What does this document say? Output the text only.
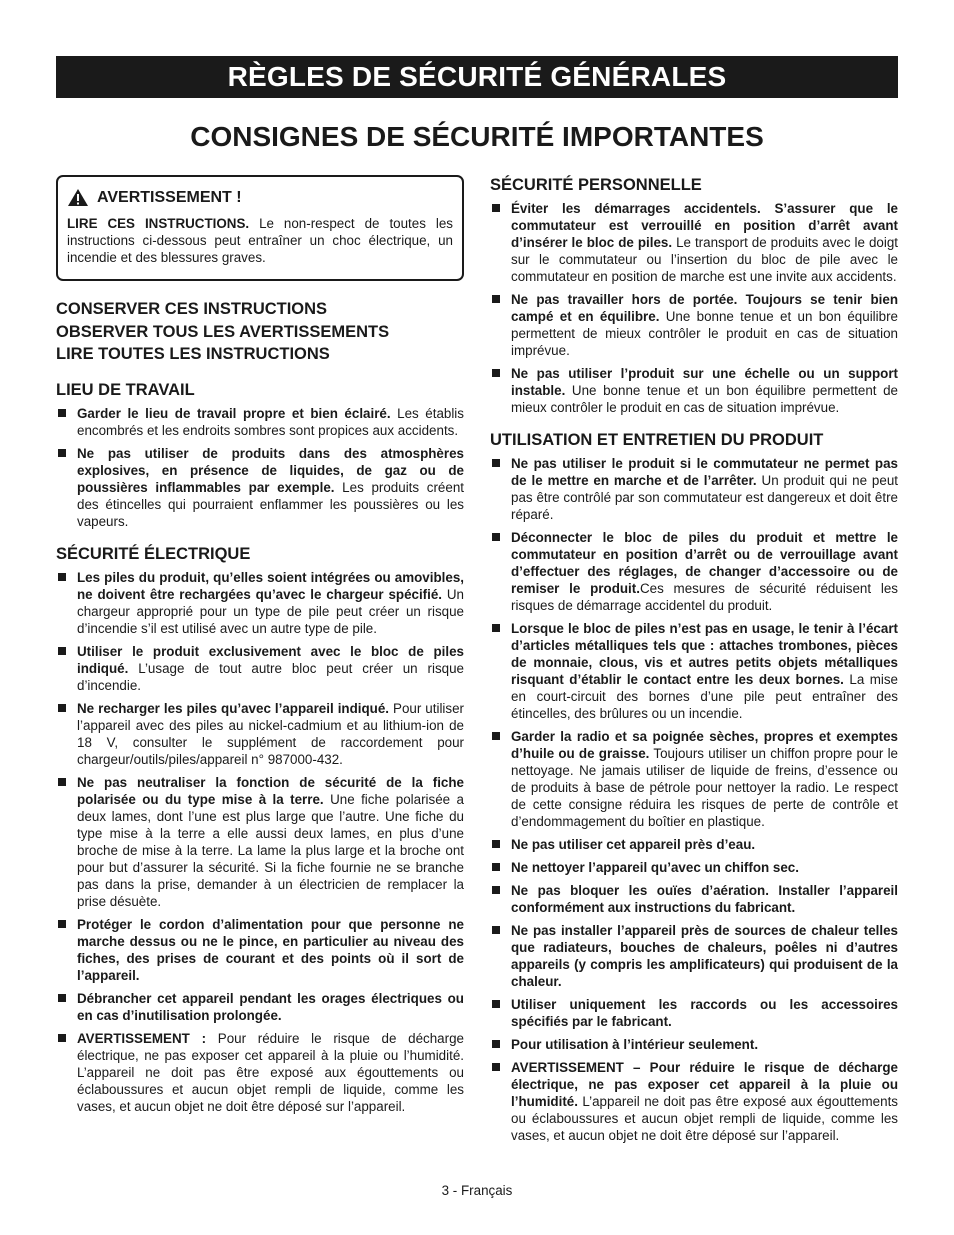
RÈGLES DE SÉCURITÉ GÉNÉRALES
CONSIGNES DE SÉCURITÉ IMPORTANTES
AVERTISSEMENT !

LIRE CES INSTRUCTIONS. Le non-respect de toutes les instructions ci-dessous peut entraîner un choc électrique, un incendie et des blessures graves.

CONSERVER CES INSTRUCTIONS
OBSERVER TOUS LES AVERTISSEMENTS
LIRE TOUTES LES INSTRUCTIONS
LIEU DE TRAVAIL
Garder le lieu de travail propre et bien éclairé. Les établis encombrés et les endroits sombres sont propices aux accidents.
Ne pas utiliser de produits dans des atmosphères explosives, en présence de liquides, de gaz ou de poussières inflammables par exemple. Les produits créent des étincelles qui pourraient enflammer les poussières ou les vapeurs.
SÉCURITÉ ÉLECTRIQUE
Les piles du produit, qu’elles soient intégrées ou amovibles, ne doivent être rechargées qu’avec le chargeur spécifié. Un chargeur approprié pour un type de pile peut créer un risque d’incendie s’il est utilisé avec un autre type de pile.
Utiliser le produit exclusivement avec le bloc de piles indiqué. L’usage de tout autre bloc peut créer un risque d’incendie.
Ne recharger les piles qu’avec l’appareil indiqué. Pour utiliser l’appareil avec des piles au nickel-cadmium et au lithium-ion de 18 V, consulter le supplément de raccordement pour chargeur/outils/piles/appareil n° 987000-432.
Ne pas neutraliser la fonction de sécurité de la fiche polarisée ou du type mise à la terre. Une fiche polarisée a deux lames, dont l’une est plus large que l’autre. Une fiche du type mise à la terre a elle aussi deux lames, en plus d’une broche de mise à la terre. La lame la plus large et la broche ont pour but d’assurer la sécurité. Si la fiche fournie ne se branche pas dans la prise, demander à un électricien de remplacer la prise désuète.
Protéger le cordon d’alimentation pour que personne ne marche dessus ou ne le pince, en particulier au niveau des fiches, des prises de courant et des points où il sort de l’appareil.
Débrancher cet appareil pendant les orages électriques ou en cas d’inutilisation prolongée.
AVERTISSEMENT : Pour réduire le risque de décharge électrique, ne pas exposer cet appareil à la pluie ou l’humidité. L’appareil ne doit pas être exposé aux égouttements ou éclaboussures et aucun objet rempli de liquide, comme les vases, et aucun objet ne doit être déposé sur l’appareil.
SÉCURITÉ PERSONNELLE
Éviter les démarrages accidentels. S’assurer que le commutateur est verrouillé en position d’arrêt avant d’insérer le bloc de piles. Le transport de produits avec le doigt sur le commutateur ou l’insertion du bloc de pile avec le commutateur en position de marche est une invite aux accidents.
Ne pas travailler hors de portée. Toujours se tenir bien campé et en équilibre. Une bonne tenue et un bon équilibre permettent de mieux contrôler le produit en cas de situation imprévue.
Ne pas utiliser l’produit sur une échelle ou un support instable. Une bonne tenue et un bon équilibre permettent de mieux contrôler le produit en cas de situation imprévue.
UTILISATION ET ENTRETIEN DU PRODUIT
Ne pas utiliser le produit si le commutateur ne permet pas de le mettre en marche et de l’arrêter. Un produit qui ne peut pas être contrôlé par son commutateur est dangereux et doit être réparé.
Déconnecter le bloc de piles du produit et mettre le commutateur en position d’arrêt ou de verrouillage avant d’effectuer des réglages, de changer d’accessoire ou de remiser le produit.Ces mesures de sécurité réduisent les risques de démarrage accidentel du produit.
Lorsque le bloc de piles n’est pas en usage, le tenir à l’écart d’articles métalliques tels que : attaches trombones, pièces de monnaie, clous, vis et autres petits objets métalliques risquant d’établir le contact entre les deux bornes. La mise en court-circuit des bornes d’une pile peut entraîner des étincelles, des brûlures ou un incendie.
Garder la radio et sa poignée sèches, propres et exemptes d’huile ou de graisse. Toujours utiliser un chiffon propre pour le nettoyage. Ne jamais utiliser de liquide de freins, d’essence ou de produits à base de pétrole pour nettoyer la radio. Le respect de cette consigne réduira les risques de perte de contrôle et d’endommagement du boîtier en plastique.
Ne pas utiliser cet appareil près d’eau.
Ne nettoyer l’appareil qu’avec un chiffon sec.
Ne pas bloquer les ouïes d’aération. Installer l’appareil conformément aux instructions du fabricant.
Ne pas installer l’appareil près de sources de chaleur telles que radiateurs, bouches de chaleurs, poêles ni d’autres appareils (y compris les amplificateurs) qui produisent de la chaleur.
Utiliser uniquement les raccords ou les accessoires spécifiés par le fabricant.
Pour utilisation à l’intérieur seulement.
AVERTISSEMENT – Pour réduire le risque de décharge électrique, ne pas exposer cet appareil à la pluie ou l’humidité. L’appareil ne doit pas être exposé aux égouttements ou éclaboussures et aucun objet rempli de liquide, comme les vases, et aucun objet ne doit être déposé sur l’appareil.
3 - Français
